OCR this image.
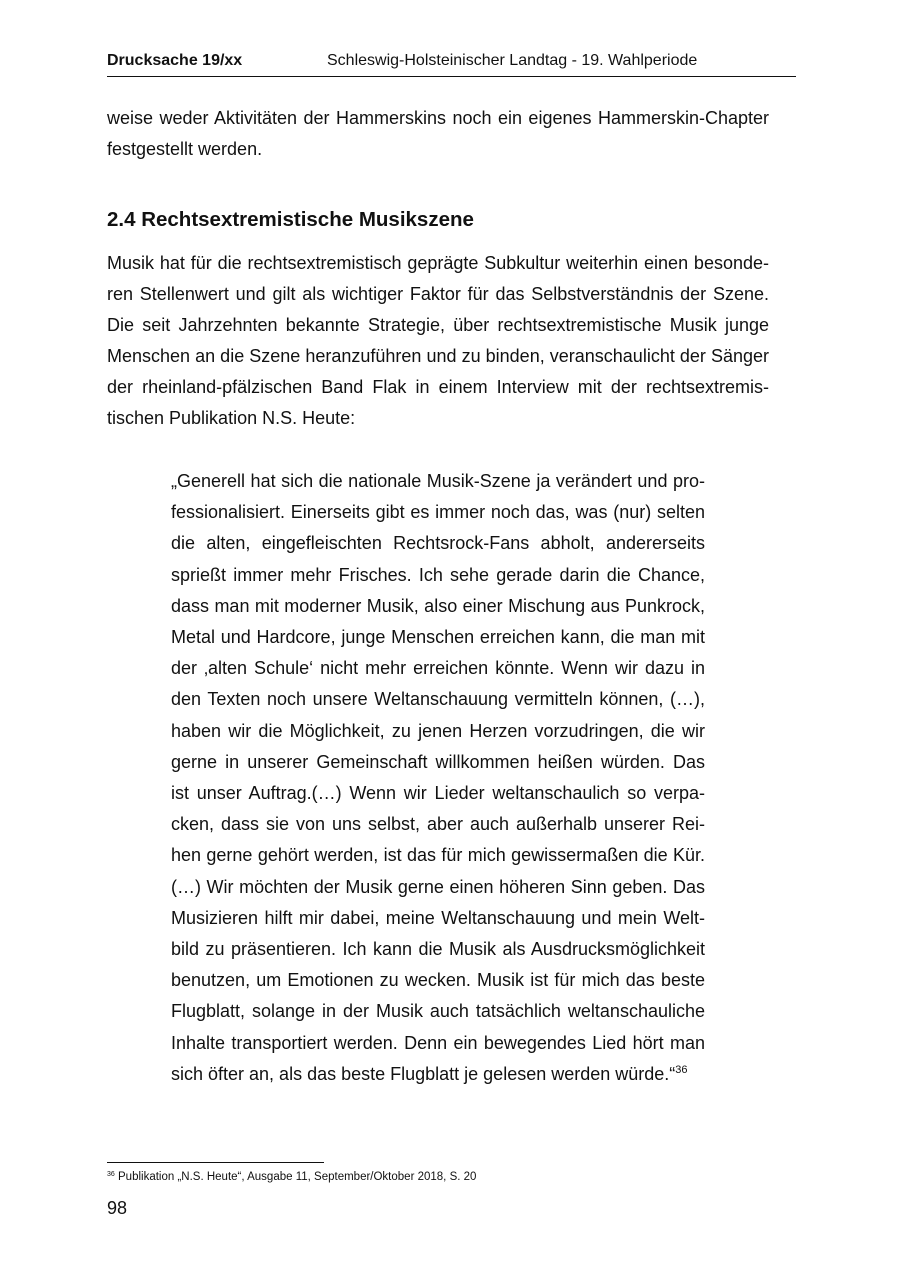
Drucksache 19/xx	Schleswig-Holsteinischer Landtag - 19. Wahlperiode
weise weder Aktivitäten der Hammerskins noch ein eigenes Hammerskin-Chapter festgestellt werden.
2.4 Rechtsextremistische Musikszene
Musik hat für die rechtsextremistisch geprägte Subkultur weiterhin einen besonderen Stellenwert und gilt als wichtiger Faktor für das Selbstverständnis der Szene. Die seit Jahrzehnten bekannte Strategie, über rechtsextremistische Musik junge Menschen an die Szene heranzuführen und zu binden, veranschaulicht der Sänger der rheinland-pfälzischen Band Flak in einem Interview mit der rechtsextremistischen Publikation N.S. Heute:
„Generell hat sich die nationale Musik-Szene ja verändert und professionalisiert. Einerseits gibt es immer noch das, was (nur) selten die alten, eingefleischten Rechtsrock-Fans abholt, andererseits sprießt immer mehr Frisches. Ich sehe gerade darin die Chance, dass man mit moderner Musik, also einer Mischung aus Punkrock, Metal und Hardcore, junge Menschen erreichen kann, die man mit der ‚alten Schule‘ nicht mehr erreichen könnte. Wenn wir dazu in den Texten noch unsere Weltanschauung vermitteln können, (…), haben wir die Möglichkeit, zu jenen Herzen vorzudringen, die wir gerne in unserer Gemeinschaft willkommen heißen würden. Das ist unser Auftrag.(…) Wenn wir Lieder weltanschaulich so verpacken, dass sie von uns selbst, aber auch außerhalb unserer Reihen gerne gehört werden, ist das für mich gewissermaßen die Kür. (…) Wir möchten der Musik gerne einen höheren Sinn geben. Das Musizieren hilft mir dabei, meine Weltanschauung und mein Weltbild zu präsentieren. Ich kann die Musik als Ausdrucksmöglichkeit benutzen, um Emotionen zu wecken. Musik ist für mich das beste Flugblatt, solange in der Musik auch tatsächlich weltanschauliche Inhalte transportiert werden. Denn ein bewegendes Lied hört man sich öfter an, als das beste Flugblatt je gelesen werden würde.“$^{36}$
$^{36}$ Publikation „N.S. Heute“, Ausgabe 11, September/Oktober 2018, S. 20
98
